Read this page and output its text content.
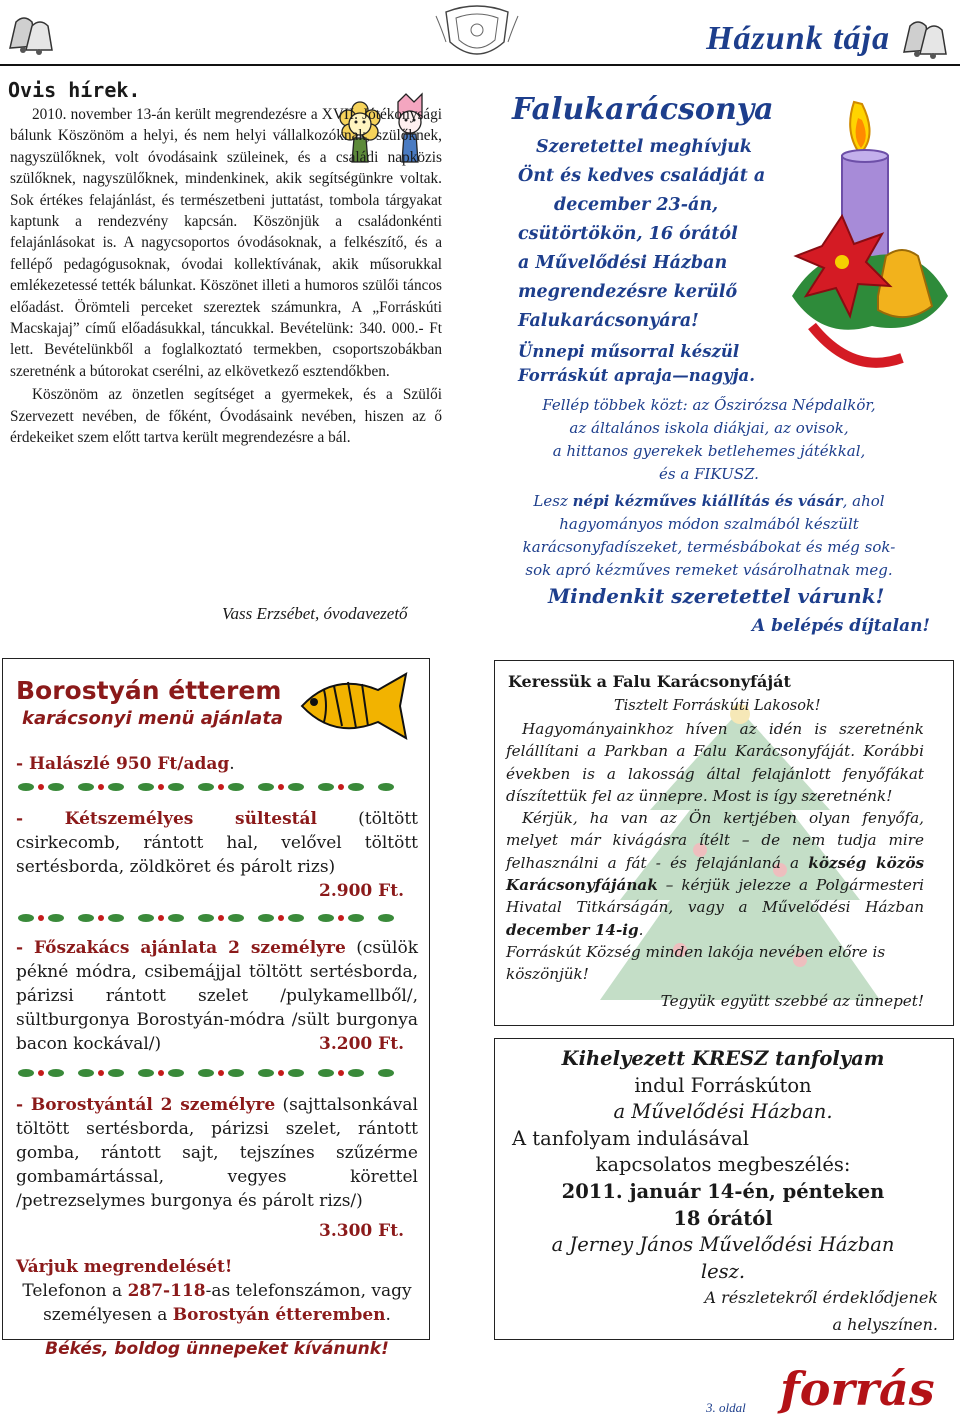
Házunk tája
Ovis hírek.
2010. november 13-án került megrendezésre a XVII. Jótékonysági bálunk Köszönöm a helyi, és nem helyi vállalkozóknak, szülőknek, nagyszülőknek, volt óvodásaink szüleinek, és a családi napközis szülőknek, nagyszülőknek, mindenkinek, akik segítségünkre voltak. Sok értékes felajánlást, és természetbeni juttatást, tombola tárgyakat kaptunk a rendezvény kapcsán. Köszönjük a családonkénti felajánlásokat is. A nagycsoportos óvodásoknak, a felkészítő, és a fellépő pedagógusoknak, óvodai kollektívának, akik műsorukkal emlékezetessé tették bálunkat. Köszönet illeti a humoros szülői táncos előadást. Örömteli perceket szereztek számunkra, A „Forráskúti Macskajaj” című előadásukkal, táncukkal. Bevételünk: 340. 000.- Ft lett. Bevételünkből a foglalkoztató termekben, csoportszobákban szeretnénk a bútorokat cserélni, az elkövetkező esztendőkben.
Köszönöm az önzetlen segítséget a gyermekek, és a Szülői Szervezett nevében, de főként, Óvodásaink nevében, hiszen az ő érdekeiket szem előtt tartva került megrendezésre a bál.
Vass Erzsébet, óvodavezető
Falukarácsonya
Szeretettel meghívjuk
Önt és kedves családját a
december 23-án,
csütörtökön, 16 órától
a Művelődési Házban
megrendezésre kerülő
Falukarácsonyára!
Ünnepi műsorral készül
Forráskút apraja—nagyja.
Fellép többek közt: az Őszirózsa Népdalkör,
az általános iskola diákjai, az ovisok,
a hittanos gyerekek betlehemes játékkal,
és a FIKUSZ.
Lesz népi kézműves kiállítás és vásár, ahol
hagyományos módon szalmából készült
karácsonyfadíszeket, termésbábokat és még sok-
sok apró kézműves remeket vásárolhatnak meg.
Mindenkit szeretettel várunk!
A belépés díjtalan!
Borostyán étterem
karácsonyi menü ajánlata
- Halászlé 950 Ft/adag.
- Kétszemélyes sültestál (töltött csirkecomb, rántott hal, velővel töltött sertésborda, zöldköret és párolt rizs)
2.900 Ft.
- Főszakács ajánlata 2 személyre (csülök pékné módra, csibemájjal töltött sertésborda, párizsi rántott szelet /pulykamellből/, sültburgonya Borostyán-módra /sült burgonya bacon kockával/)	3.200 Ft.
- Borostyántál 2 személyre (sajttalsonkával töltött sertésborda, párizsi szelet, rántott gomba, rántott sajt, tejszínes szűzérme gombamártással, vegyes körettel /petrezselymes burgonya és párolt rizs/)
3.300 Ft.
Várjuk megrendelését!
Telefonon a 287-118-as telefonszámon, vagy
személyesen a Borostyán étteremben.
Békés, boldog ünnepeket kívánunk!
Keressük a Falu Karácsonyfáját
Tisztelt Forráskúti Lakosok!
Hagyományainkhoz híven az idén is szeretnénk felállítani a Parkban a Falu Karácsonyfáját. Korábbi években is a lakosság által felajánlott fenyőfákat díszítettük fel az ünnepre. Most is így szeretnénk!
Kérjük, ha van az Ön kertjében olyan fenyőfa, melyet már kivágásra ítélt – de nem tudja mire felhasználni a fát - és felajánlaná a község közös Karácsonyfájának – kérjük jelezze a Polgármesteri Hivatal Titkárságán, vagy a Művelődési Házban december 14-ig.
Forráskút Község minden lakója nevében előre is köszönjük!
Tegyük együtt szebbé az ünnepet!
Kihelyezett KRESZ tanfolyam
indul Forráskúton
a Művelődési Házban.
A tanfolyam indulásával
kapcsolatos megbeszélés:
2011. január 14-én, pénteken
18 órától
a Jerney János Művelődési Házban
lesz.
A részletekről érdeklődjenek
a helyszínen.
3. oldal forrás
